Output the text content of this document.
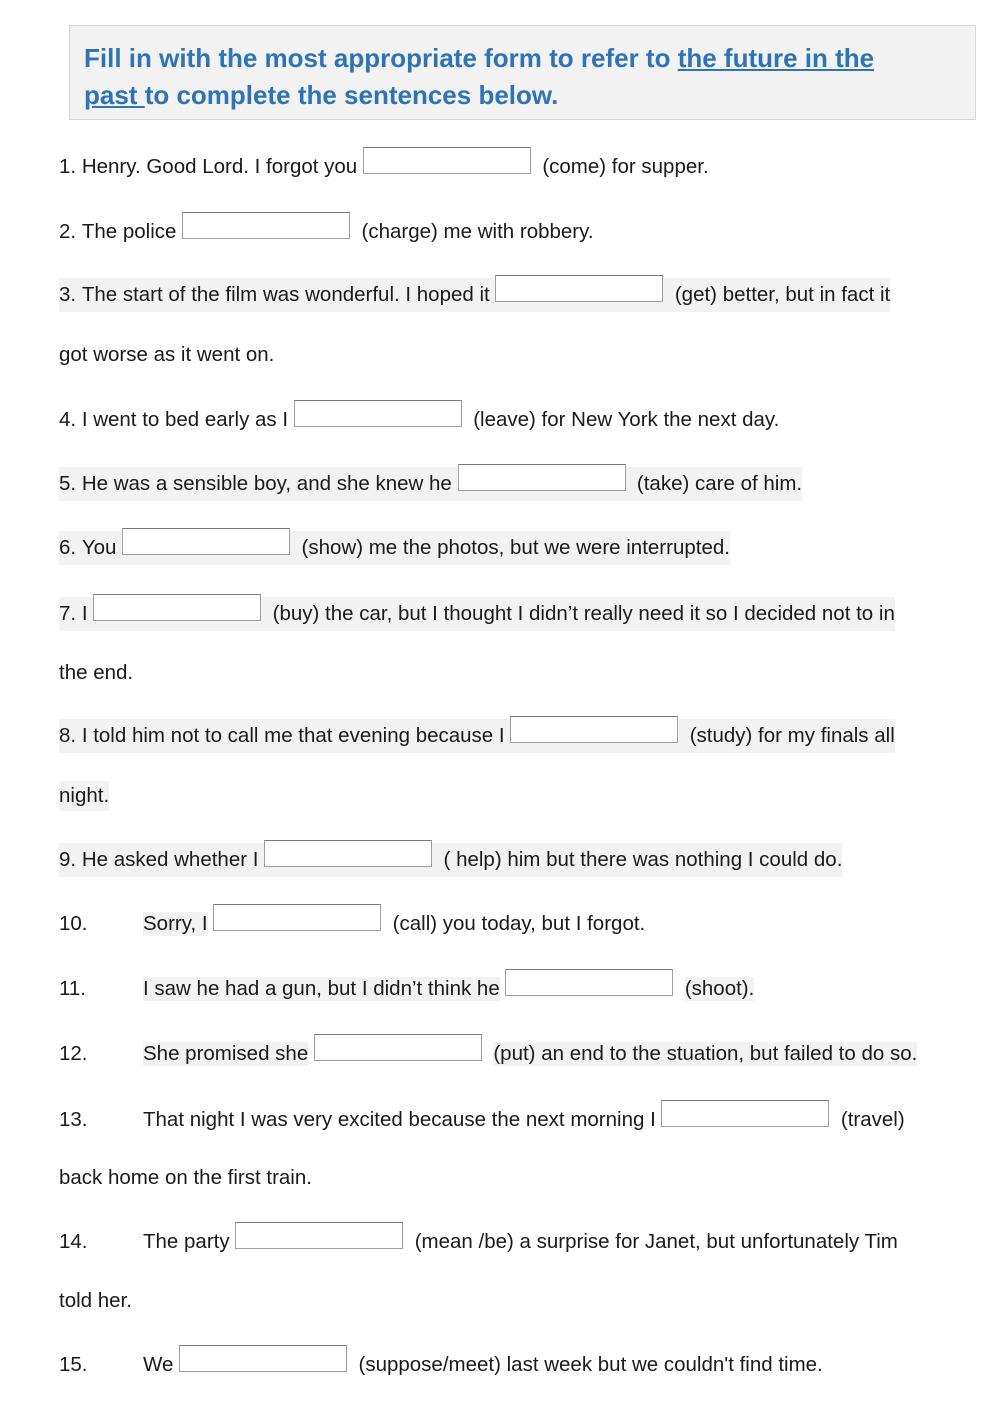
Fill in with the most appropriate form to refer to the future in the
past to complete the sentences below.
1.
Henry. Good Lord. I forgot you

	(come) for supper.
2.
The police

	(charge) me with robbery.
3.
The start of the film was wonderful. I hoped it

	(get) better, but in fact it
got worse as it went on.
4.
I went to bed early as I

	(leave) for New York the next day.
5.
He was a sensible boy, and she knew he

	(take) care of him.
6.
You

	(show) me the photos, but we were interrupted.
7.
I

	(buy) the car, but I thought I didn’t really need it so I decided not to in
the end.
8.
I told him not to call me that evening because I

	(study) for my finals all
night.
9.
He asked whether I

	( help) him but there was nothing I could do.
10.	Sorry, I

	(call) you today, but I forgot.
11.	I saw he had a gun, but I didn’t think he

	(shoot).
12.	She promised she

	(put) an end to the stuation, but failed to do so.
13.	That night I was very excited because the next morning I

	(travel)
back home on the first train.
14.	The party

	(mean /be) a surprise for Janet, but unfortunately Tim
told her.
15.	We

	(suppose/meet) last week but we couldn't find time.
